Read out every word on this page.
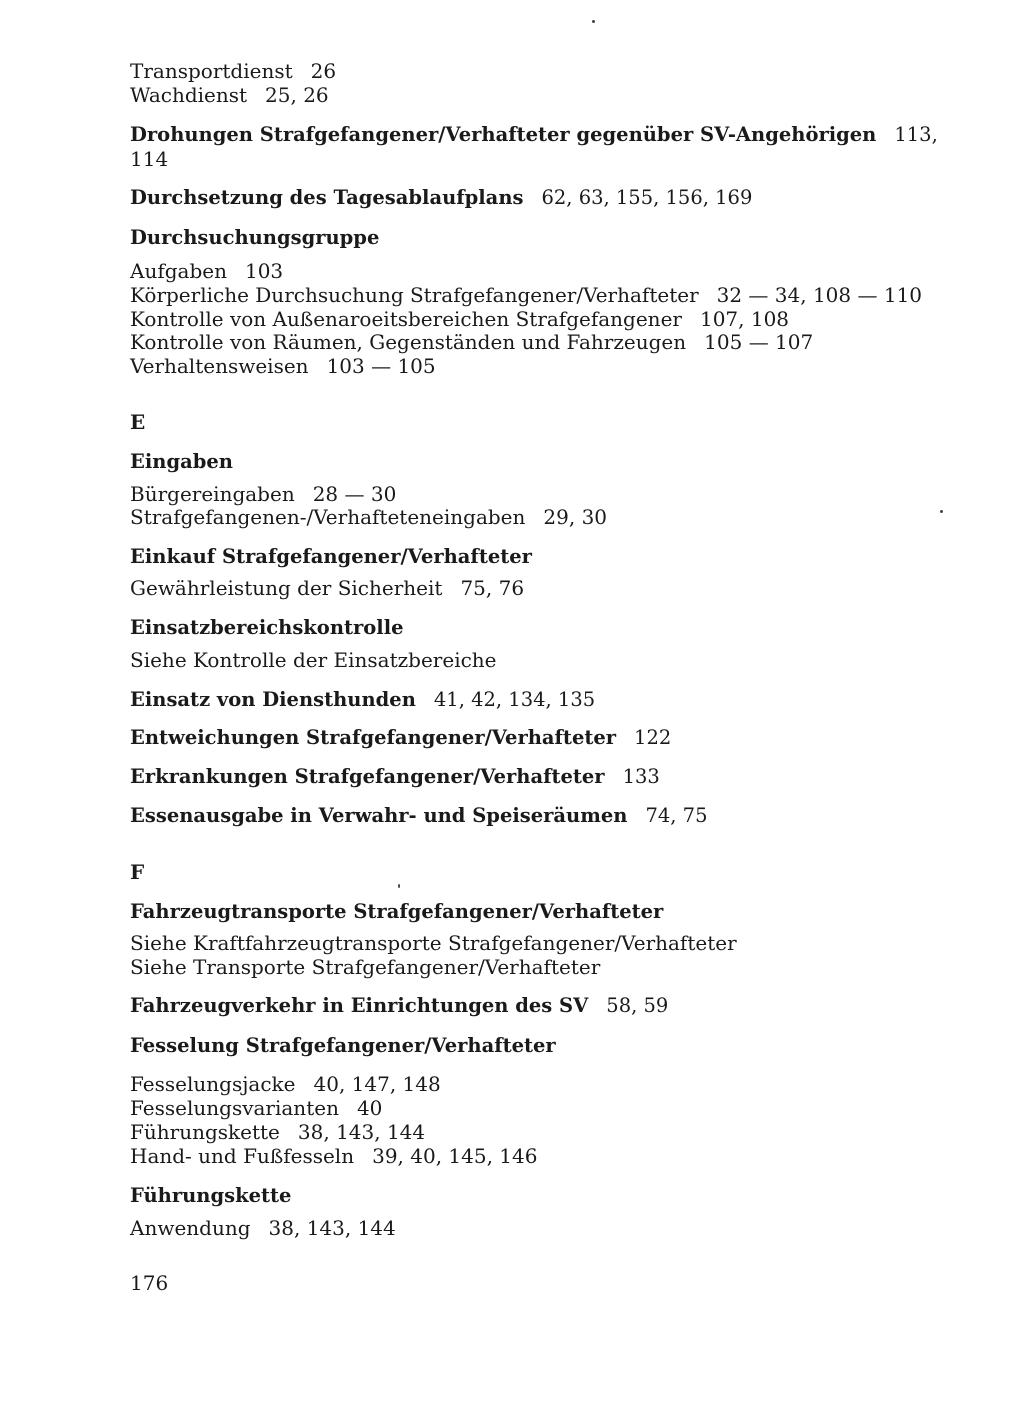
Transportdienst 26
Wachdienst 25, 26
Drohungen Strafgefangener/Verhafteter gegenüber SV-Angehörigen 113,
114
Durchsetzung des Tagesablaufplans 62, 63, 155, 156, 169
Durchsuchungsgruppe
Aufgaben 103
Körperliche Durchsuchung Strafgefangener/Verhafteter 32 — 34, 108 — 110
Kontrolle von Außenaroeitsbereichen Strafgefangener 107, 108
Kontrolle von Räumen, Gegenständen und Fahrzeugen 105 — 107
Verhaltensweisen 103 — 105
E
Eingaben
Bürgereingaben 28 — 30
Strafgefangenen-/Verhafteteneingaben 29, 30
Einkauf Strafgefangener/Verhafteter
Gewährleistung der Sicherheit 75, 76
Einsatzbereichskontrolle
Siehe Kontrolle der Einsatzbereiche
Einsatz von Diensthunden 41, 42, 134, 135
Entweichungen Strafgefangener/Verhafteter 122
Erkrankungen Strafgefangener/Verhafteter 133
Essenausgabe in Verwahr- und Speiseräumen 74, 75
F
Fahrzeugtransporte Strafgefangener/Verhafteter
Siehe Kraftfahrzeugtransporte Strafgefangener/Verhafteter
Siehe Transporte Strafgefangener/Verhafteter
Fahrzeugverkehr in Einrichtungen des SV 58, 59
Fesselung Strafgefangener/Verhafteter
Fesselungsjacke 40, 147, 148
Fesselungsvarianten 40
Führungskette 38, 143, 144
Hand- und Fußfesseln 39, 40, 145, 146
Führungskette
Anwendung 38, 143, 144
176
